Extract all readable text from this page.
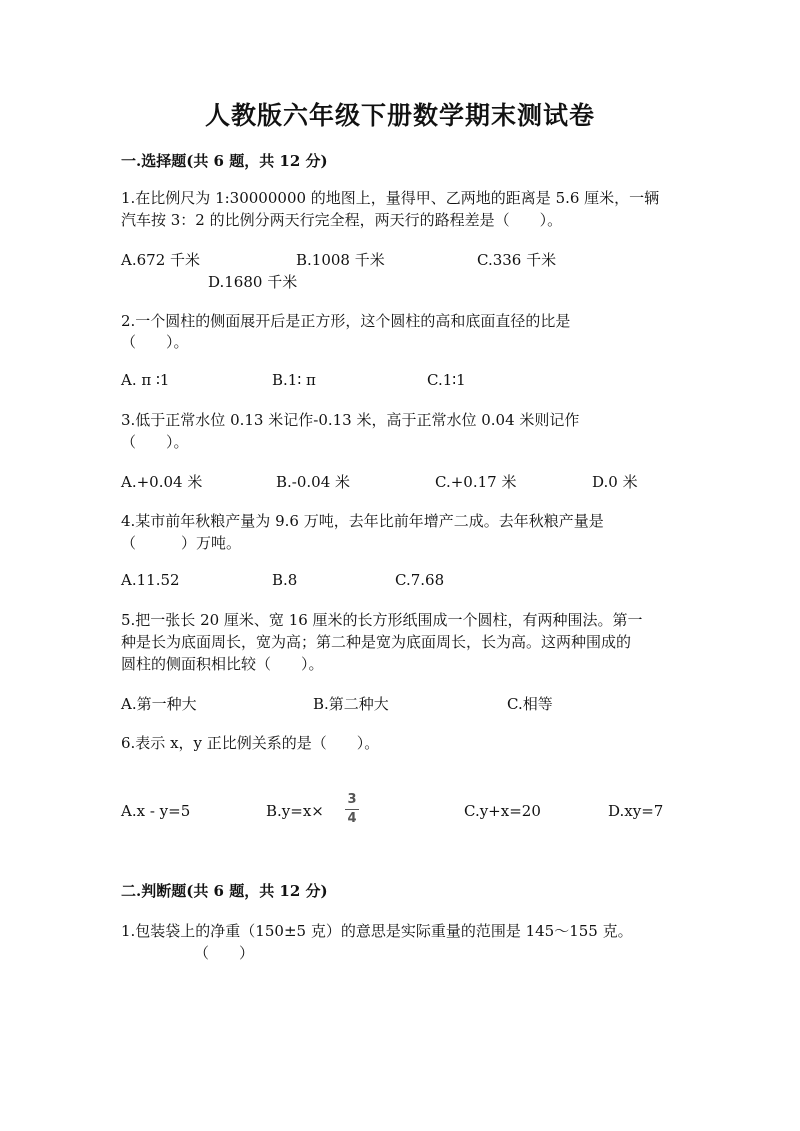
人教版六年级下册数学期末测试卷
一.选择题(共 6 题，共 12 分)
1.在比例尺为 1:30000000 的地图上，量得甲、乙两地的距离是 5.6 厘米，一辆
汽车按 3：2 的比例分两天行完全程，两天行的路程差是（　　）。
A.672 千米	B.1008 千米	C.336 千米
D.1680 千米
2.一个圆柱的侧面展开后是正方形，这个圆柱的高和底面直径的比是
（　　）。
A. π ∶1	B.1∶ π	C.1∶1
3.低于正常水位 0.13 米记作-0.13 米，高于正常水位 0.04 米则记作
（　　）。
A.+0.04 米	B.-0.04 米	C.+0.17 米	D.0 米
4.某市前年秋粮产量为 9.6 万吨，去年比前年增产二成。去年秋粮产量是
（　　　）万吨。
A.11.52	B.8	C.7.68
5.把一张长 20 厘米、宽 16 厘米的长方形纸围成一个圆柱，有两种围法。第一
种是长为底面周长，宽为高；第二种是宽为底面周长，长为高。这两种围成的
圆柱的侧面积相比较（　　）。
A.第一种大	B.第二种大	C.相等
6.表示 x，y 正比例关系的是（　　）。
A.x - y=5	B.y=x×
3
4	C.y+x=20	D.xy=7
二.判断题(共 6 题，共 12 分)
1.包装袋上的净重（150±5 克）的意思是实际重量的范围是 145～155 克。
（　　）
